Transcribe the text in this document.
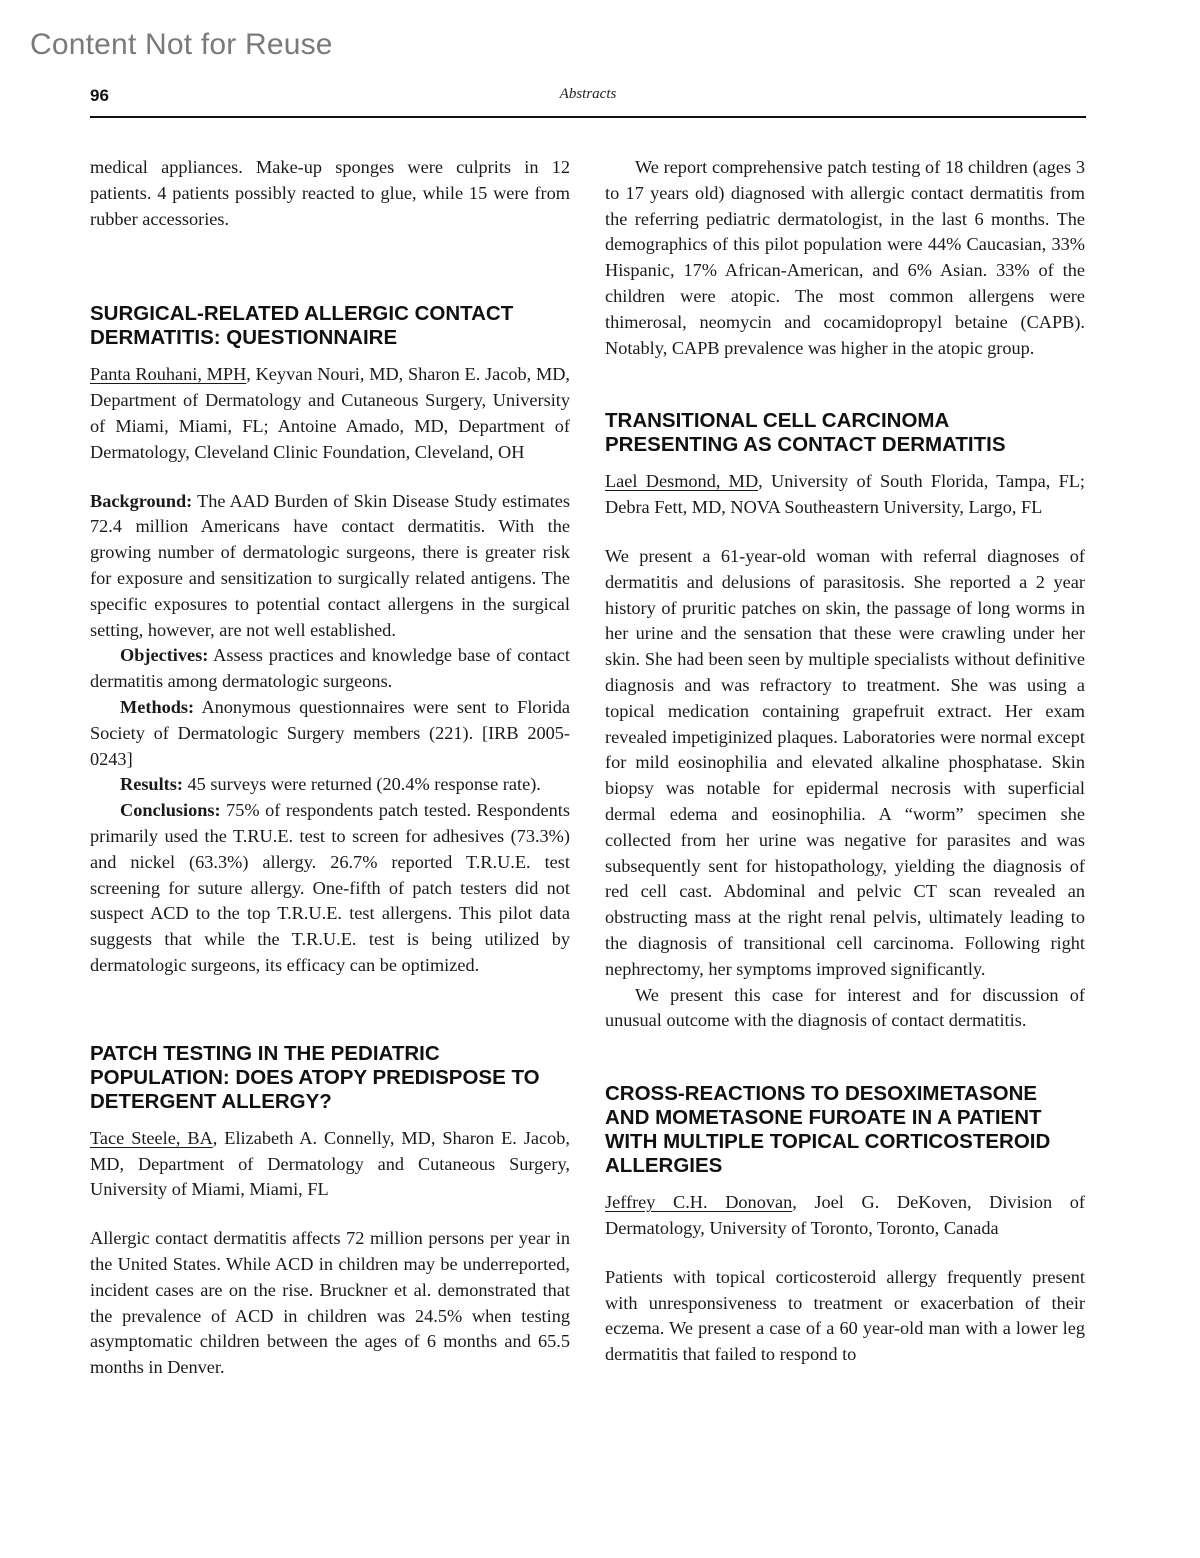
Content Not for Reuse
96	Abstracts

medical appliances. Make-up sponges were culprits in 12 patients. 4 patients possibly reacted to glue, while 15 were from rubber accessories.

SURGICAL-RELATED ALLERGIC CONTACT DERMATITIS: QUESTIONNAIRE

Panta Rouhani, MPH, Keyvan Nouri, MD, Sharon E. Jacob, MD, Department of Dermatology and Cutaneous Surgery, University of Miami, Miami, FL; Antoine Amado, MD, Department of Dermatology, Cleveland Clinic Foundation, Cleveland, OH

Background: The AAD Burden of Skin Disease Study estimates 72.4 million Americans have contact dermatitis. With the growing number of dermatologic surgeons, there is greater risk for exposure and sensitization to surgically related antigens. The specific exposures to potential contact allergens in the surgical setting, however, are not well established.

Objectives: Assess practices and knowledge base of contact dermatitis among dermatologic surgeons.

Methods: Anonymous questionnaires were sent to Florida Society of Dermatologic Surgery members (221). [IRB 2005-0243]

Results: 45 surveys were returned (20.4% response rate).

Conclusions: 75% of respondents patch tested. Respondents primarily used the T.RU.E. test to screen for adhesives (73.3%) and nickel (63.3%) allergy. 26.7% reported T.R.U.E. test screening for suture allergy. One-fifth of patch testers did not suspect ACD to the top T.R.U.E. test allergens. This pilot data suggests that while the T.R.U.E. test is being utilized by dermatologic surgeons, its efficacy can be optimized.

PATCH TESTING IN THE PEDIATRIC POPULATION: DOES ATOPY PREDISPOSE TO DETERGENT ALLERGY?

Tace Steele, BA, Elizabeth A. Connelly, MD, Sharon E. Jacob, MD, Department of Dermatology and Cutaneous Surgery, University of Miami, Miami, FL

Allergic contact dermatitis affects 72 million persons per year in the United States. While ACD in children may be underreported, incident cases are on the rise. Bruckner et al. demonstrated that the prevalence of ACD in children was 24.5% when testing asymptomatic children between the ages of 6 months and 65.5 months in Denver.

We report comprehensive patch testing of 18 children (ages 3 to 17 years old) diagnosed with allergic contact dermatitis from the referring pediatric dermatologist, in the last 6 months. The demographics of this pilot population were 44% Caucasian, 33% Hispanic, 17% African-American, and 6% Asian. 33% of the children were atopic. The most common allergens were thimerosal, neomycin and cocamidopropyl betaine (CAPB). Notably, CAPB prevalence was higher in the atopic group.

TRANSITIONAL CELL CARCINOMA PRESENTING AS CONTACT DERMATITIS

Lael Desmond, MD, University of South Florida, Tampa, FL; Debra Fett, MD, NOVA Southeastern University, Largo, FL

We present a 61-year-old woman with referral diagnoses of dermatitis and delusions of parasitosis. She reported a 2 year history of pruritic patches on skin, the passage of long worms in her urine and the sensation that these were crawling under her skin. She had been seen by multiple specialists without definitive diagnosis and was refractory to treatment. She was using a topical medication containing grapefruit extract. Her exam revealed impetiginized plaques. Laboratories were normal except for mild eosinophilia and elevated alkaline phosphatase. Skin biopsy was notable for epidermal necrosis with superficial dermal edema and eosinophilia. A “worm” specimen she collected from her urine was negative for parasites and was subsequently sent for histopathology, yielding the diagnosis of red cell cast. Abdominal and pelvic CT scan revealed an obstructing mass at the right renal pelvis, ultimately leading to the diagnosis of transitional cell carcinoma. Following right nephrectomy, her symptoms improved significantly.

We present this case for interest and for discussion of unusual outcome with the diagnosis of contact dermatitis.

CROSS-REACTIONS TO DESOXIMETASONE AND MOMETASONE FUROATE IN A PATIENT WITH MULTIPLE TOPICAL CORTICOSTEROID ALLERGIES

Jeffrey C.H. Donovan, Joel G. DeKoven, Division of Dermatology, University of Toronto, Toronto, Canada

Patients with topical corticosteroid allergy frequently present with unresponsiveness to treatment or exacerbation of their eczema. We present a case of a 60 year-old man with a lower leg dermatitis that failed to respond to
